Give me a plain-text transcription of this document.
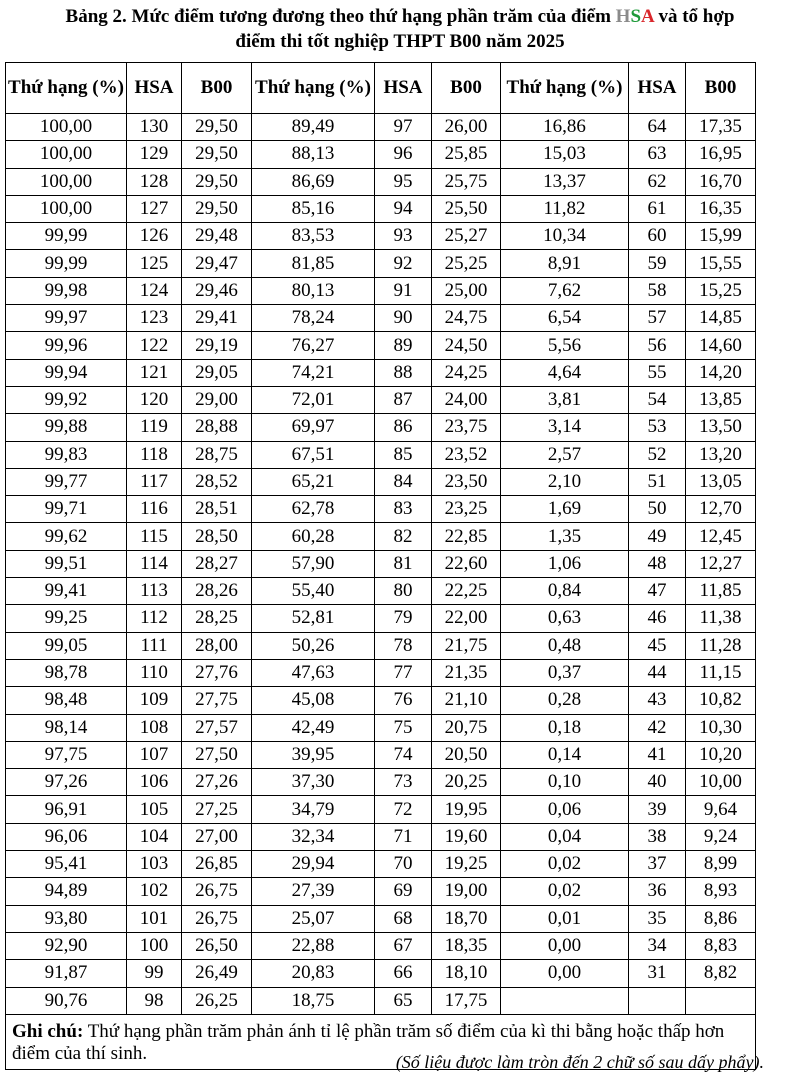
Bảng 2. Mức điểm tương đương theo thứ hạng phần trăm của điểm HSA và tổ hợp
điểm thi tốt nghiệp THPT B00 năm 2025
Thứ hạng (%)	HSA	B00	Thứ hạng (%)	HSA	B00	Thứ hạng (%)	HSA	B00
100,00	130	29,50	89,49	97	26,00	16,86	64	17,35
100,00	129	29,50	88,13	96	25,85	15,03	63	16,95
100,00	128	29,50	86,69	95	25,75	13,37	62	16,70
100,00	127	29,50	85,16	94	25,50	11,82	61	16,35
99,99	126	29,48	83,53	93	25,27	10,34	60	15,99
99,99	125	29,47	81,85	92	25,25	8,91	59	15,55
99,98	124	29,46	80,13	91	25,00	7,62	58	15,25
99,97	123	29,41	78,24	90	24,75	6,54	57	14,85
99,96	122	29,19	76,27	89	24,50	5,56	56	14,60
99,94	121	29,05	74,21	88	24,25	4,64	55	14,20
99,92	120	29,00	72,01	87	24,00	3,81	54	13,85
99,88	119	28,88	69,97	86	23,75	3,14	53	13,50
99,83	118	28,75	67,51	85	23,52	2,57	52	13,20
99,77	117	28,52	65,21	84	23,50	2,10	51	13,05
99,71	116	28,51	62,78	83	23,25	1,69	50	12,70
99,62	115	28,50	60,28	82	22,85	1,35	49	12,45
99,51	114	28,27	57,90	81	22,60	1,06	48	12,27
99,41	113	28,26	55,40	80	22,25	0,84	47	11,85
99,25	112	28,25	52,81	79	22,00	0,63	46	11,38
99,05	111	28,00	50,26	78	21,75	0,48	45	11,28
98,78	110	27,76	47,63	77	21,35	0,37	44	11,15
98,48	109	27,75	45,08	76	21,10	0,28	43	10,82
98,14	108	27,57	42,49	75	20,75	0,18	42	10,30
97,75	107	27,50	39,95	74	20,50	0,14	41	10,20
97,26	106	27,26	37,30	73	20,25	0,10	40	10,00
96,91	105	27,25	34,79	72	19,95	0,06	39	9,64
96,06	104	27,00	32,34	71	19,60	0,04	38	9,24
95,41	103	26,85	29,94	70	19,25	0,02	37	8,99
94,89	102	26,75	27,39	69	19,00	0,02	36	8,93
93,80	101	26,75	25,07	68	18,70	0,01	35	8,86
92,90	100	26,50	22,88	67	18,35	0,00	34	8,83
91,87	99	26,49	20,83	66	18,10	0,00	31	8,82
90,76	98	26,25	18,75	65	17,75			
Ghi chú: Thứ hạng phần trăm phản ánh tỉ lệ phần trăm số điểm của kì thi bằng hoặc thấp hơn điểm của thí sinh.									(Số liệu được làm tròn đến 2 chữ số sau dấy phẩy).
